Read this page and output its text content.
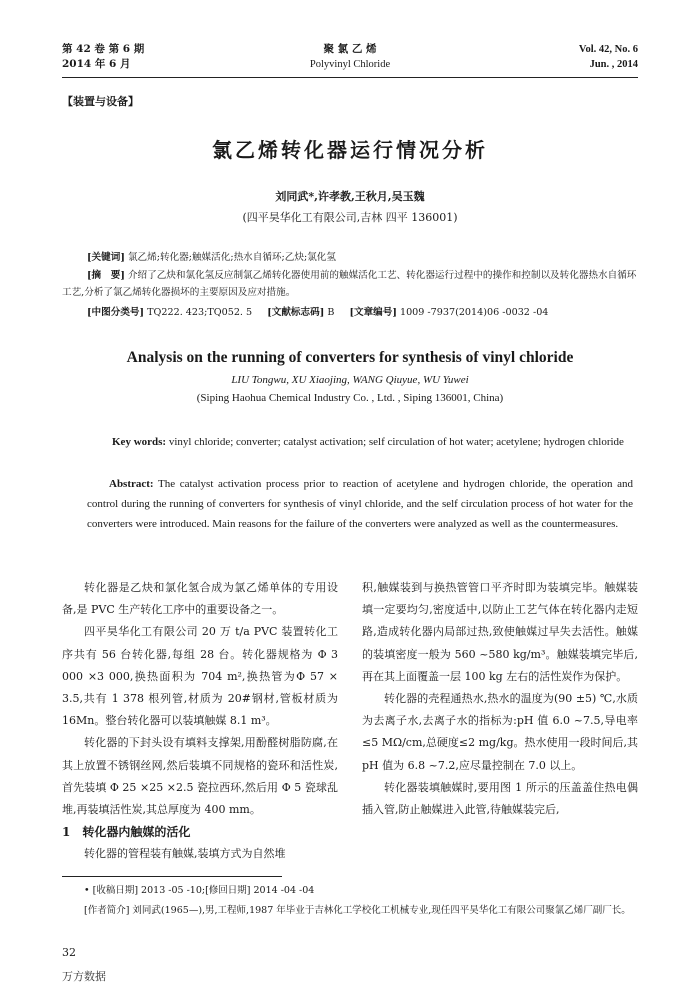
第 42 卷 第 6 期
2014 年 6 月
聚 氯 乙 烯
Polyvinyl Chloride
Vol. 42, No. 6
Jun. , 2014
【装置与设备】
氯乙烯转化器运行情况分析
刘同武*,许孝教,王秋月,吴玉魏
(四平昊华化工有限公司,吉林 四平 136001)
[关键词] 氯乙烯;转化器;触媒活化;热水自循环;乙炔;氯化氢
[摘　要] 介绍了乙炔和氯化氢反应制氯乙烯转化器使用前的触媒活化工艺、转化器运行过程中的操作和控制以及转化器热水自循环工艺,分析了氯乙烯转化器损坏的主要原因及应对措施。
[中图分类号] TQ222. 423;TQ052. 5 [文献标志码] B [文章编号] 1009 -7937(2014)06 -0032 -04
Analysis on the running of converters for synthesis of vinyl chloride
LIU Tongwu, XU Xiaojing, WANG Qiuyue, WU Yuwei
(Siping Haohua Chemical Industry Co. , Ltd. , Siping 136001, China)
Key words: vinyl chloride; converter; catalyst activation; self circulation of hot water; acetylene; hydrogen chloride
Abstract: The catalyst activation process prior to reaction of acetylene and hydrogen chloride, the operation and control during the running of converters for synthesis of vinyl chloride, and the self circulation process of hot water for the converters were introduced. Main reasons for the failure of the converters were analyzed as well as the countermeasures.

转化器是乙炔和氯化氢合成为氯乙烯单体的专用设备,是 PVC 生产转化工序中的重要设备之一。

四平昊华化工有限公司 20 万 t/a PVC 装置转化工序共有 56 台转化器,每组 28 台。转化器规格为 Φ 3 000 ×3 000,换热面积为 704 m²,换热管为Φ 57 × 3.5,共有 1 378 根列管,材质为 20#钢材,管板材质为 16Mn。整台转化器可以装填触媒 8.1 m³。

转化器的下封头设有填料支撑架,用酚醛树脂防腐,在其上放置不锈钢丝网,然后装填不同规格的瓷环和活性炭,首先装填 Φ 25 ×25 ×2.5 瓷拉西环,然后用 Φ 5 瓷球乱堆,再装填活性炭,其总厚度为 400 mm。

1　转化器内触媒的活化

转化器的管程装有触媒,装填方式为自然堆

积,触媒装到与换热管管口平齐时即为装填完毕。触媒装填一定要均匀,密度适中,以防止工艺气体在转化器内走短路,造成转化器内局部过热,致使触媒过早失去活性。触媒的装填密度一般为 560 ~580 kg/m³。触媒装填完毕后,再在其上面覆盖一层 100 kg 左右的活性炭作为保护。

转化器的壳程通热水,热水的温度为(90 ±5) ℃,水质为去离子水,去离子水的指标为:pH 值 6.0 ~7.5,导电率≤5 MΩ/cm,总硬度≤2 mg/kg。热水使用一段时间后,其 pH 值为 6.8 ~7.2,应尽量控制在 7.0 以上。

转化器装填触媒时,要用图 1 所示的压盖盖住热电偶插入管,防止触媒进入此管,待触媒装完后,

• [收稿日期] 2013 -05 -10;[修回日期] 2014 -04 -04
[作者简介] 刘同武(1965—),男,工程师,1987 年毕业于吉林化工学校化工机械专业,现任四平昊华化工有限公司聚氯乙烯厂副厂长。
32
万方数据
